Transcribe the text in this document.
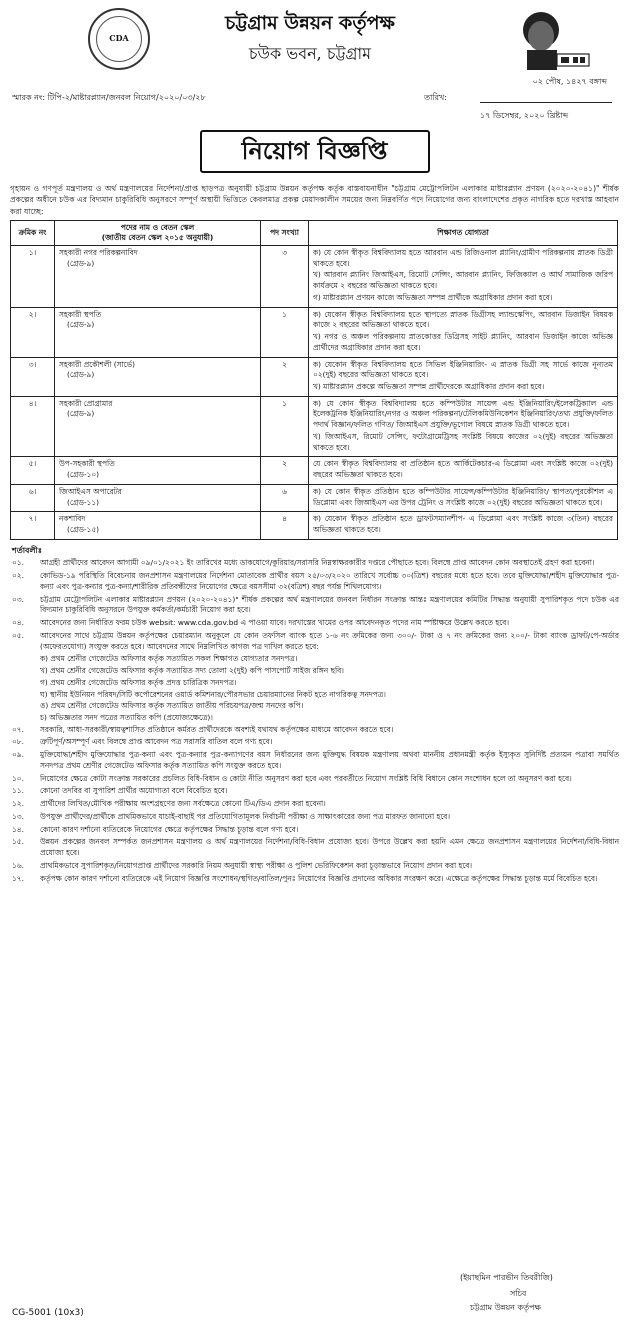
CDA
চট্টগ্রাম উন্নয়ন কর্তৃপক্ষ
চউক ভবন, চট্টগ্রাম
০২ পৌষ, ১৪২৭ বঙ্গাব্দ
স্মারক নং: টিপি-২/মাষ্টারপ্ল্যান/জনবল নিয়োগ/২০২০/০৩/২৮	তারিখ:
১৭ ডিসেম্বর, ২০২০ খ্রিষ্টাব্দ
নিয়োগ বিজ্ঞপ্তি
গৃহায়ন ও গণপূর্ত মন্ত্রণালয় ও অর্থ মন্ত্রণালয়ের নির্দেশনা/প্রাপ্ত ছাড়পত্র অনুযায়ী চট্টগ্রাম উন্নয়ন কর্তৃপক্ষ কর্তৃক বাস্তবায়নাধীন "চট্টগ্রাম মেট্রোপলিটন এলাকার মাষ্টারপ্ল্যান প্রণয়ন (২০২০-২০৪১)" শীর্ষক প্রকল্পের অধীনে চউক এর বিদ্যমান চাকুরিবিধি অনুসরণে সম্পূর্ণ অস্থায়ী ভিত্তিতে কেবলমাত্র প্রকল্প মেয়াদকালীন সময়ের জন্য নিম্নবর্ণিত পদে নিয়োগের জন্য বাংলাদেশের প্রকৃত নাগরিক হতে দরখাস্ত আহবান করা যাচ্ছে:
ক্রমিক নং	পদের নাম ও বেতন স্কেল
(জাতীয় বেতন স্কেল ২০১৫ অনুযায়ী)	পদ সংখ্যা	শিক্ষাগত যোগ্যতা
১।	সহকারী নগর পরিকল্পনাবিদ
(গ্রেড-৯)	৩	ক) যে কোন স্বীকৃত বিশ্ববিদ্যালয় হতে আরবান এন্ড রিজিওনাল প্ল্যানিং/গ্রামীণ পরিকল্পনায় স্নাতক ডিগ্রী থাকতে হবে।
খ) আরবান প্ল্যানিং জিআইএস, রিমোট সেন্সিং, আরবান প্ল্যানিং, ফিজিক্যাল ও আর্থ সামাজিক জরিপ কার্যক্রমে ২ বছরের অভিজ্ঞতা থাকতে হবে।
গ) মাষ্টারপ্ল্যান প্রণয়ন কাজে অভিজ্ঞতা সম্পন্ন প্রার্থীকে অগ্রাধিকার প্রদান করা হবে।

২।	সহকারী স্থপতি
(গ্রেড-৯)	১	ক) যেকোন স্বীকৃত বিশ্ববিদ্যালয় হতে স্থাপত্যে স্নাতক ডিগ্রীসহ ল্যান্ডস্কেপিং, আরবান ডিজাইন বিষয়ক কাজে ২ বছরের অভিজ্ঞতা থাকতে হবে।
খ) নগর ও অঞ্চল পরিকল্পনায় স্নাতকোত্তর ডিগ্রিসহ সাইট প্ল্যানিং, আরবান ডিজাইন কাজে অভিজ্ঞ প্রার্থীদের অগ্রাধিকার প্রদান করা হবে।

৩।	সহকারী প্রকৌশলী (সার্ভে)
(গ্রেড-৯)	২	ক) যেকোন স্বীকৃত বিশ্ববিদ্যালয় হতে সিভিল ইঞ্জিনিয়ারিং- এ স্নাতক ডিগ্রী সহ সার্ভে কাজে নূন্যতম ০২(দুই) বছরের অভিজ্ঞতা থাকতে হবে।
খ) মাষ্টারপ্ল্যান প্রকল্পে অভিজ্ঞতা সম্পন্ন প্রার্থীদেরকে অগ্রাধিকার প্রদান করা হবে।

৪।	সহকারী প্রোগ্রামার
(গ্রেড-৯)	১	ক) যে কোন স্বীকৃত বিশ্ববিদ্যালয় হতে কম্পিউটার সায়েন্স এন্ড ইঞ্জিনিয়ারিং/ইলেকট্রিক্যাল এন্ড ইলেকট্রনিক ইঞ্জিনিয়ারিং/নগর ও অঞ্চল পরিকল্পনা/টেলিকমিউনিকেশন ইঞ্জিনিয়ারিং/তথ্য প্রযুক্তি/ফলিত পদার্থ বিজ্ঞান/ফলিত গণিত/ জিআইএস প্রযুক্তি/ভূগোল বিষয়ে স্নাতক ডিগ্রী থাকতে হবে।
খ) জিআইএস, রিমোট সেন্সিং, ফটোগ্রামেট্রিসহ সংশ্লিষ্ট বিষয়ে কাজের ০২(দুই) বছরের অভিজ্ঞতা থাকতে হবে।

৫।	উপ-সহকারী স্থপতি
(গ্রেড-১০)	২	যে কোন স্বীকৃত বিশ্ববিদ্যালয় বা প্রতিষ্ঠান হতে আর্কিটেকচার-এ ডিপ্লোমা এবং সংশ্লিষ্ট কাজে ০২(দুই) বছরের অভিজ্ঞতা থাকতে হবে।

৬।	জিআইএস অপারেটর
(গ্রেড-১১)	৬	ক) যে কোন স্বীকৃত প্রতিষ্ঠান হতে কম্পিউটার সায়েন্স/কম্পিউটার ইঞ্জিনিয়ারিং/ স্থাপত্য/পুরকৌশল এ ডিপ্লোমা এবং জিআইএস এর উপর ট্রেনিং ও সংশ্লিষ্ট কাজে ০২(দুই) বছরের অভিজ্ঞতা থাকতে হবে।

৭।	নকশাবিদ
(গ্রেড-১৫)	৪	ক) যেকোন স্বীকৃত প্রতিষ্ঠান হতে ড্রাফটসম্যানশীপ- এ ডিপ্লোমা এবং সংশ্লিষ্ট কাজে ৩(তিন) বছরের অভিজ্ঞতা থাকতে হবে।
শর্তাবলীঃ
০১.	আগ্রহী প্রার্থীদের আবেদন আগামী ০৯/০১/২০২১ ইং তারিখের মধ্যে ডাকযোগে/কুরিয়ার/সরাসরি নিম্নস্বাক্ষরকারীর দপ্তরে পৌছাতে হবে। বিলম্বে প্রাপ্ত আবেদন কোন অবস্থাতেই গ্রহণ করা হবেনা।
০২.	কোভিড-১৯ পরিস্থিতি বিবেচনায় জনপ্রশাসন মন্ত্রণালয়ের নির্দেশনা মোতাবেক প্রার্থীর বয়স ২৫/০৩/২০২০ তারিখে সর্বোচ্চ ৩০(ত্রিশ) বছরের মধ্যে হতে হবে। তবে মুক্তিযোদ্ধা/শহীদ মুক্তিযোদ্ধার পুত্র-কন্যা এবং পুত্র-কন্যার পুত্র-কন্যা/শারীরিক প্রতিবন্ধীদের নিয়োগের ক্ষেত্রে বয়সসীমা ৩২(বত্রিশ) বছর পর্যন্ত শিথিলযোগ্য।
০৩.	চট্টগ্রাম মেট্রোপলিটন এলাকার মাষ্টারপ্ল্যান প্রণয়ন (২০২০-২০৪১)" শীর্ষক প্রকল্পের অর্থ মন্ত্রণালয়ের জনবল নির্ধারন সংক্রান্ত আন্তঃ মন্ত্রণালয়ের কমিটির সিদ্ধান্ত অনুযায়ী সুপারিশকৃত পদে চউক এর বিদ্যমান চাকুরিবিধি অনুসরনে উপযুক্ত কর্মকর্তা/কর্মচারী নিয়োগ করা হবে।
০৪.	আবেদনের জন্য নির্ধারিত ফরম চউক websit: www.cda.gov.bd এ পাওয়া যাবে। দরখাস্তের খামের ওপর আবেদনকৃত পদের নাম স্পষ্টাক্ষরে উল্লেখ করতে হবে।
০৫.	আবেদনের সাথে চট্টগ্রাম উন্নয়ন কর্তৃপক্ষের চেয়ারম্যান অনুকূলে যে কোন তফসিল ব্যাংক হতে ১-৬ নং ক্রমিকের জন্য ৩০০/- টাকা ও ৭ নং ক্রমিকের জন্য ২০০/- টাকা ব্যাংক ড্রাফট/পে-অর্ডার (অফেরতযোগ্য) সংযুক্ত করতে হবে। আবেদনের সাথে নিম্নলিখিত কাগজ পত্র দাখিল করতে হবে:
ক) প্রথম শ্রেনীর গেজেটেড অফিসার কর্তৃক সত্যায়িত সকল শিক্ষাগত যোগ্যতার সনদপত্র।
খ) প্রথম শ্রেনীর গেজেটেড অফিসার কর্তৃক সত্যায়িত সদ্য তোলা ২(দুই) কপি পাসপোর্ট সাইজ রঙ্গিন ছবি।
গ) প্রথম শ্রেনীর গেজেটেড অফিসার কর্তৃক প্রদত্ত চারিত্রিক সনদপত্র।
ঘ) স্থানীয় ইউনিয়ন পরিষদ/সিটি কর্পোরেশনের ওয়ার্ড কমিশনার/পৌরসভার চেয়ারম্যানের নিকট হতে নাগরিকত্ব সনদপত্র।
ঙ) প্রথম শ্রেনীর গেজেটেড অফিসার কর্তৃক সত্যায়িত জাতীয় পরিচয়পত্র/জন্ম সনদের কপি।
চ) অভিজ্ঞতার সনদ পত্রের সত্যায়িত কপি (প্রযোজ্যক্ষেত্রে)।
০৭.	সরকারি, আধা-সরকারী/স্বায়ত্বশাসিত প্রতিষ্ঠানে কর্মরত প্রার্থীদেরকে অবশ্যই যথাযথ কর্তৃপক্ষের মাধ্যমে আবেদন করতে হবে।
০৮.	ত্রুটিপূর্ণ/অসম্পূর্ণ এবং বিলম্বে প্রাপ্ত আবেদন পত্র সরাসরি বাতিল বলে গণ্য হবে।
০৯.	মুক্তিযোদ্ধা/শহীদ মুক্তিযোদ্ধার পুত্র-কন্যা এবং পুত্র-কন্যার পুত্র-কন্যাগণের বয়স নির্ধারনের জন্য মুক্তিযুদ্ধ বিষয়ক মন্ত্রণালয় অথবা মাননীয় প্রধানমন্ত্রী কর্তৃক ইস্যুকৃত সুনির্দিষ্ট প্রত্যয়ন পত্রাবা সমর্থিত সনদপত্র প্রথম শ্রেণীর গেজেটেড অফিসার কর্তৃক সত্যায়িত কপি সংযুক্ত করতে হবে।
১০.	নিয়োগের ক্ষেত্রে কোটা সংক্রান্ত সরকারের প্রচলিত বিধি-বিধান ও কোটা নীতি অনুসরণ করা হবে এবং পরবর্তীতে নিয়োগ সংশ্লিষ্ট বিধি বিধানে কোন সংশোধন হলে তা অনুসরণ করা হবে।
১১.	কোনো তদবির বা সুপারিশ প্রার্থীর অযোগ্যতা বলে বিবেচিত হবে।
১২.	প্রার্থীদের লিখিত/মৌখিক পরীক্ষায় অংশগ্রহণের জন্য সর্বক্ষেত্রে কোনো টিএ/ডিএ প্রদান করা হবেনা।
১৩.	উপযুক্ত প্রার্থীদের/প্রার্থীকে প্রাথমিকভাবে যাচাই-বাছাই পর প্রতিযোগিতামূলক নির্বাচনী পরীক্ষা ও সাক্ষাৎকারের জন্য পত্র মারফত জানানো হবে।
১৪.	কোনো কারণ দর্শানো ব্যতিরেকে নিয়োগের ক্ষেত্রে কর্তৃপক্ষের সিদ্ধান্ত চূড়ান্ত বলে গণ্য হবে।
১৫.	উন্নয়ন প্রকল্পের জনবল সম্পর্কত জনপ্রশাসন মন্ত্রণালয় ও অর্থ মন্ত্রণালয়ের নির্দেশনা/বিধি-বিধান প্রযোজ্য হবে। উপরে উল্লেখ করা হয়নি এমন ক্ষেত্রে জনপ্রশাসন মন্ত্রণালয়ের নির্দেশনা/বিধি-বিধান প্রযোজ্য হবে।
১৬.	প্রাথমিকভাবে সুপারিশকৃত/নিয়োগপ্রাপ্ত প্রার্থীদের সরকারি নিয়ম অনুযায়ী স্বাস্থ্য পরীক্ষা ও পুলিশ ভেরিফিকেশন করা চূড়ান্তভাবে নিয়োগ প্রদান করা হবে।
১৭.	কর্তৃপক্ষ কোন কারণ দর্শানো ব্যতিরেকে এই নিয়োগ বিজ্ঞপ্তি সংশোধন/স্থগিত/বাতিল/পুনঃ নিয়োগের বিজ্ঞপ্তি প্রদানের অধিকার সংরক্ষণ করে। এক্ষেত্রে কর্তৃপক্ষের সিদ্ধান্ত চূড়ান্ত মর্মে বিবেচিত হবে।
(ইয়াছমিন পারভীন তিবরীজি)
সচিব
চট্টগ্রাম উন্নয়ন কর্তৃপক্ষ
CG-5001 (10x3)
